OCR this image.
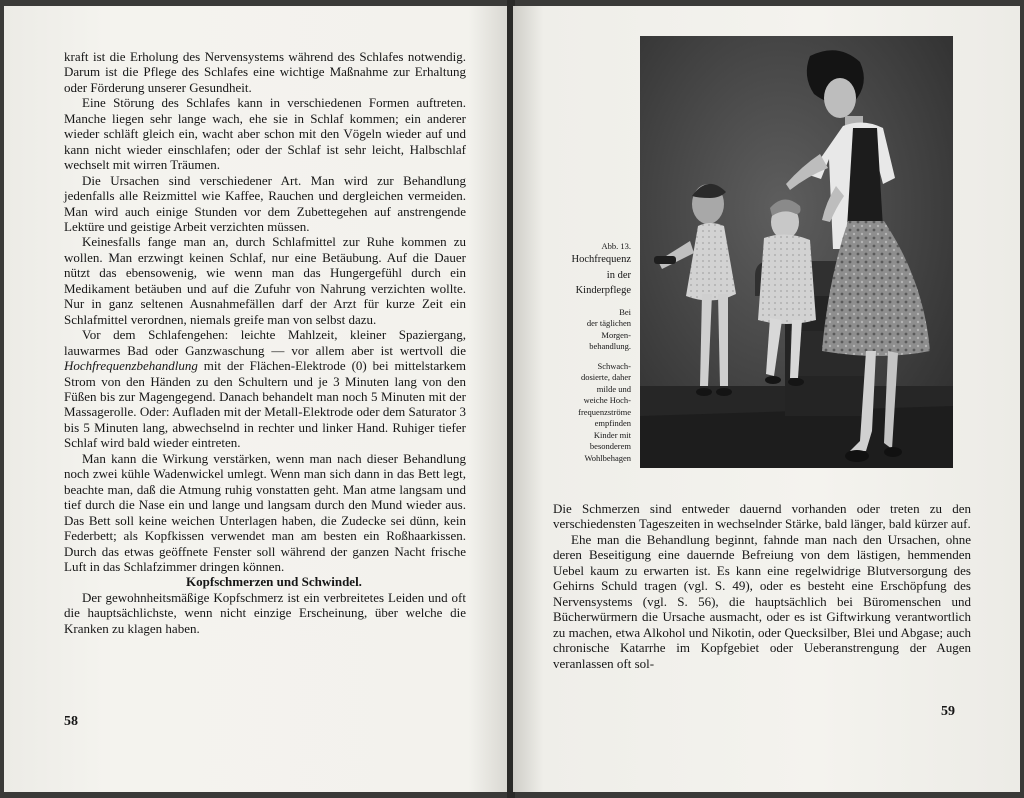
kraft ist die Erholung des Nervensystems während des Schlafes notwendig. Darum ist die Pflege des Schlafes eine wichtige Maßnahme zur Erhaltung oder Förderung unserer Gesundheit.

Eine Störung des Schlafes kann in verschiedenen Formen auftreten. Manche liegen sehr lange wach, ehe sie in Schlaf kommen; ein anderer wieder schläft gleich ein, wacht aber schon mit den Vögeln wieder auf und kann nicht wieder einschlafen; oder der Schlaf ist sehr leicht, Halbschlaf wechselt mit wirren Träumen.

Die Ursachen sind verschiedener Art. Man wird zur Behandlung jedenfalls alle Reizmittel wie Kaffee, Rauchen und dergleichen vermeiden. Man wird auch einige Stunden vor dem Zubettegehen auf anstrengende Lektüre und geistige Arbeit verzichten müssen.

Keinesfalls fange man an, durch Schlafmittel zur Ruhe kommen zu wollen. Man erzwingt keinen Schlaf, nur eine Betäubung. Auf die Dauer nützt das ebensowenig, wie wenn man das Hungergefühl durch ein Medikament betäuben und auf die Zufuhr von Nahrung verzichten wollte. Nur in ganz seltenen Ausnahmefällen darf der Arzt für kurze Zeit ein Schlafmittel verordnen, niemals greife man von selbst dazu.

Vor dem Schlafengehen: leichte Mahlzeit, kleiner Spaziergang, lauwarmes Bad oder Ganzwaschung — vor allem aber ist wertvoll die Hochfrequenzbehandlung mit der Flächen-Elektrode (0) bei mittelstarkem Strom von den Händen zu den Schultern und je 3 Minuten lang von den Füßen bis zur Magengegend. Danach behandelt man noch 5 Minuten mit der Massagerolle. Oder: Aufladen mit der Metall-Elektrode oder dem Saturator 3 bis 5 Minuten lang, abwechselnd in rechter und linker Hand. Ruhiger tiefer Schlaf wird bald wieder eintreten.

Man kann die Wirkung verstärken, wenn man nach dieser Behandlung noch zwei kühle Wadenwickel umlegt. Wenn man sich dann in das Bett legt, beachte man, daß die Atmung ruhig vonstatten geht. Man atme langsam und tief durch die Nase ein und lange und langsam durch den Mund wieder aus. Das Bett soll keine weichen Unterlagen haben, die Zudecke sei dünn, kein Federbett; als Kopfkissen verwendet man am besten ein Roßhaarkissen. Durch das etwas geöffnete Fenster soll während der ganzen Nacht frische Luft in das Schlafzimmer dringen können.

Kopfschmerzen und Schwindel.

Der gewohnheitsmäßige Kopfschmerz ist ein verbreitetes Leiden und oft die hauptsächlichste, wenn nicht einzige Erscheinung, über welche die Kranken zu klagen haben.

58
Abb. 13.
Hochfrequenz
in der
Kinderpflege
Bei
der täglichen
Morgen-
behandlung.
Schwach-
dosierte, daher
milde und
weiche Hoch-
frequenzströme
empfinden
Kinder mit
besonderem
Wohlbehagen

Die Schmerzen sind entweder dauernd vorhanden oder treten zu den verschiedensten Tageszeiten in wechselnder Stärke, bald länger, bald kürzer auf.

Ehe man die Behandlung beginnt, fahnde man nach den Ursachen, ohne deren Beseitigung eine dauernde Befreiung von dem lästigen, hemmenden Uebel kaum zu erwarten ist. Es kann eine regelwidrige Blutversorgung des Gehirns Schuld tragen (vgl. S. 49), oder es besteht eine Erschöpfung des Nervensystems (vgl. S. 56), die hauptsächlich bei Büromenschen und Bücherwürmern die Ursache ausmacht, oder es ist Giftwirkung verantwortlich zu machen, etwa Alkohol und Nikotin, oder Quecksilber, Blei und Abgase; auch chronische Katarrhe im Kopfgebiet oder Ueberanstrengung der Augen veranlassen oft sol-

59
